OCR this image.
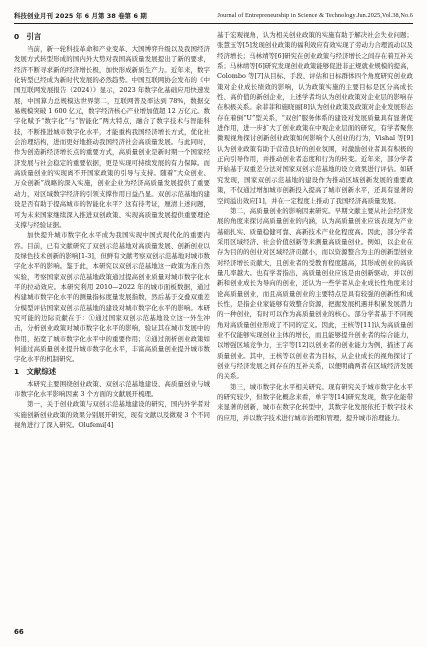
科技创业月刊 2025 年 6 月第 38 卷第 6 期	Journal of Entrepreneurship in Science & Technology.Jun.2025,Vol.38,No.6
0　引言

当前，新一轮科技革命和产业变革、大国博弈升级以及我国经济发展方式转型形成的国内外大势对我国高质量发展提出了新的要求，经济不断寻求新的经济增长极，加快形成新质生产力。近年来，数字化转型已经成为新时代发展的必然趋势。中国互联网协会发布的《中国互联网发展报告（2024）》显示，2023 年数字化基础应用快速发展，中国算力总规模达世界第二，互联网普及率达到 78%，数据交易规模突破 1 600 亿元，数字经济核心产业增加值超 12 万亿元。数字化赋予“数字化”与“智能化”两大特点，融合了数字技术与智能科技，不断推进城市数字化水平，才能重构我国经济增长方式，优化社会治理结构，进而更好地推动我国经济社会高质量发展。与此同时，作为创造新经济增长点的重要方式，高质量创业是新时期一个国家经济发展与社会稳定的重要依据，更是实现可持续发展的有力保障。而高质量创业的实现离不开国家政策的引导与支持。随着“大众创业、万众创新”战略的深入实施，创业企业为经济高质量发展提供了重要动力，对区域数字经济的引领支撑作用日益凸显。双创示范基地的建设是否有助于提高城市的智能化水平？这有待考证，厘清上述问题，可为未来国家继续深入推进双创政策、实现高质量发展提供重要理论支撑与经验证据。

加快提升城市数字化水平成为我国实现中国式现代化的重要内容。目前，已有文献研究了双创示范基地对高质量发展、创新创业以及绿色技术创新的影响[1-3]，但鲜有文献考察双创示范基地对城市数字化水平的影响。鉴于此，本研究以双创示范基地这一政策为准自然实验，考察国家双创示范基地政策通过提高创业质量对城市数字化水平的拉动效应。本研究利用 2010—2022 年的城市面板数据，通过构建城市数字化水平的测量指标度量发展指数，然后基于交叠双重差分模型评估国家双创示范基地的建设对城市数字化水平的影响。本研究可能的边际贡献在于：①通过国家双创示范基地设立这一外生冲击，分析创业政策对城市数字化水平的影响，验证其在城市发展中的作用，拓宽了城市数字化水平中的重要作用；②通过剖析创业政策如何通过高质量创业提升城市数字化水平，丰富高质量创业提升城市数字化水平的机制研究。

1　文献综述

本研究主要围绕创业政策、双创示范基地建设、高质量创业与城市数字化水平影响因素 3 个方面的文献展开梳理。

第一，关于创业政策与双创示范基地建设的研究，国内外学者对实施创新创业政策的效果分别展开研究，现有文献以及微观 3 个不同视角进行了深入研究。Olufemi[4]

基于宏观视角，认为相关创业政策的实施有助于解决社会失业问题；张慧玉等[5]发现创业政策的福利效应有效实现了劳动力合理流动以及经济增长；马林靖等[6]研究在创业政策与经济增长之间存在着互补关系；马林靖等[6]研究发现创业政策能够促进非正规就业规模的提高，Colombo 等[7]从目标、手段、评估和日标群体四个角度研究创业政策对企业成长绩效的影响，认为政策实施的主要目标是区分高成长性、高价值的新创企业，上述学者均认为创业政策对企业层的影响存在积极关系。余菲菲和施晓丽[8]认为创业政策及政策对企业发展形态存在着倒“U”型关系，“双创”服务体系的建设对发展质量具有显著促进作用，进一步扩大了创业政策在中观企业层面的研究，有学者聚焦微观视角探讨创新创业政策如何影响个人创业的行为，Vishal 等[9]认为创业政策有助于营造良好的创业氛围，对激励创业者具有积极的正向引导作用，并推动创业者态度和行为的转变。近年来，部分学者开始基于双重差分法对国家双创示范基地的设立效果进行评估。如研究发现，国家双创示范基地的建设作为推动区域创新发展的重要政策，不仅通过增加城市创新投入提高了城市创新水平，还具有显著的空间溢出效应[1]，并在一定程度上推动了我国经济高质量发展。

第二，高质量创业的影响因素研究。早期文献主要从社会经济发展的角度来探讨高质量创业的内涵，认为高质量创业应该表现为产业基础扎实、质量稳健可靠、高新技术产业化程度高。因此，部分学者采用区域经济、社会价值创新等来测量高质量创业。例如，以企业在存为目的的创业对区域经济贡献小，而以资源整合为主的创新型创业对经济增长贡献大，且创业者的受教育程度越高，其形成创业的高质量几率越大。也有学者指出，高质量创业应该是由创新驱动，并以创新和创业成长为导向的创业，还认为一些学者从企业成长性角度来讨论高质量创业，而且高质量创业的主要特点是具有较强的创新性和成长性，是指企业家能够有效整合资源，把握发展机遇并积累发展潜力的一种创业，有时可以作为高质量创业的核心。部分学者基于不同视角对高质量创业形成了不同的定义。因此，王核等[11]认为高质量创业不仅能够实现创业主体的增长，而且能够提升创业者的综合能力，以增强区域竞争力，王宇等[12]以创业者的创业能力为例，描述了高质量创业。其中，王核等以创业者为目标，从企业成长的视角探讨了创业与经济发展之间存在的互补关系，以便明确两者在区域经济发展的关系。

第三，城市数字化水平相关研究。现有研究关于城市数字化水平的研究较少，但数字化概念来看，单宇等[14]研究发现，数字化能带来显著的创新，城市在数字化转型中，其数字化发展依托于数字技术的应用，并以数字技术进行城市治理和管理，提升城市治理能力。

66
